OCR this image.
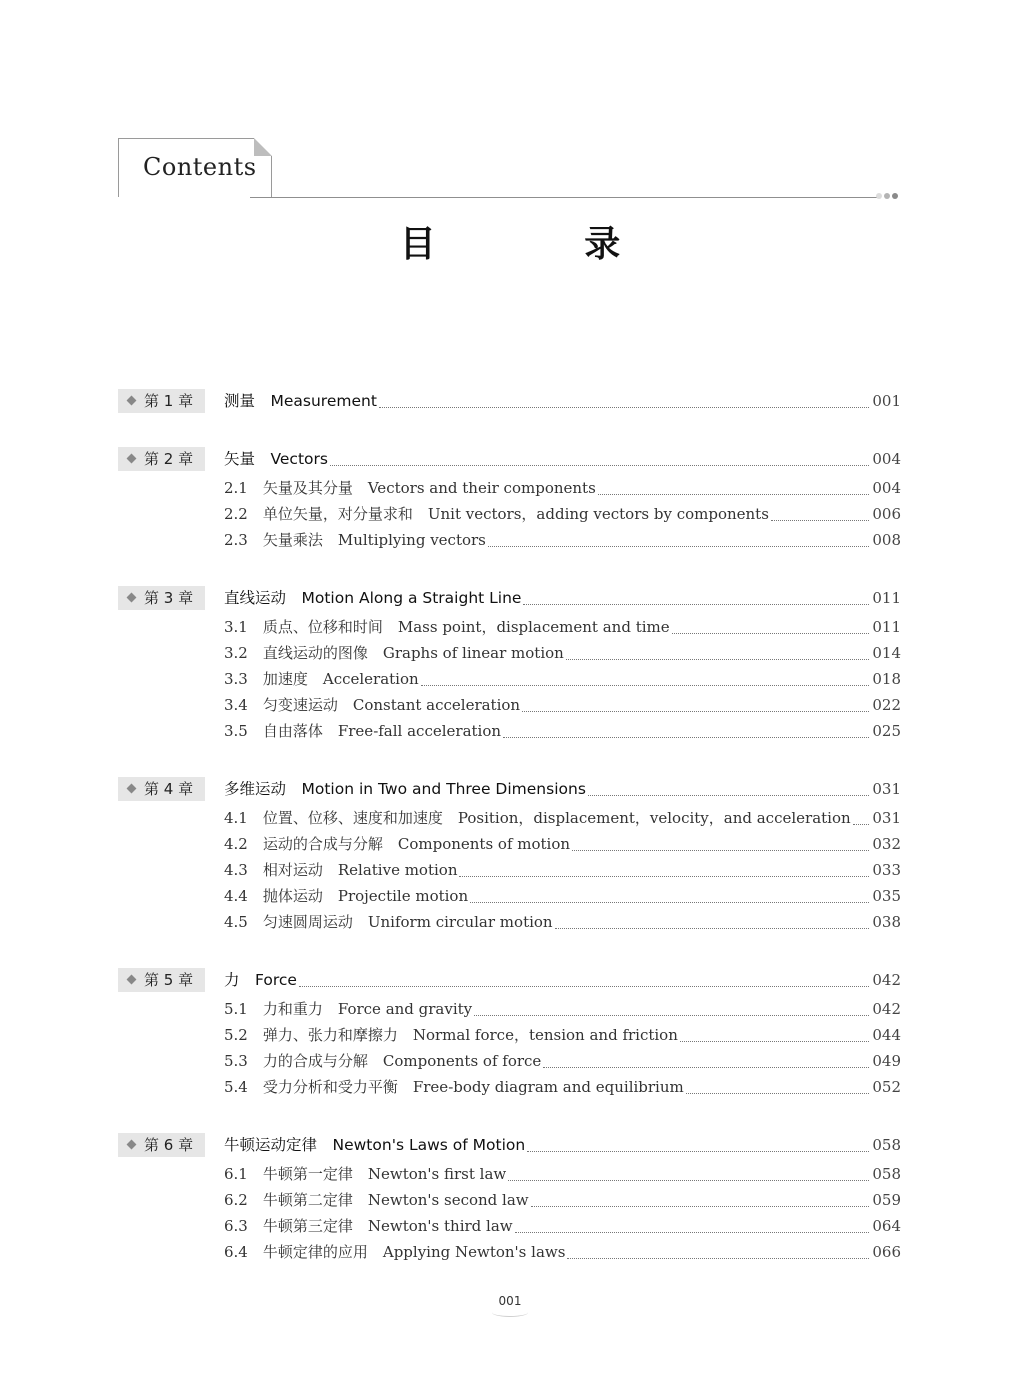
Contents
目 录
第 1 章 测量　Measurement	001
第 2 章 矢量　Vectors	004
2.1　矢量及其分量　Vectors and their components	004
2.2　单位矢量，对分量求和　Unit vectors，adding vectors by components	006
2.3　矢量乘法　Multiplying vectors	008
第 3 章 直线运动　Motion Along a Straight Line	011
3.1　质点、位移和时间　Mass point，displacement and time	011
3.2　直线运动的图像　Graphs of linear motion	014
3.3　加速度　Acceleration	018
3.4　匀变速运动　Constant acceleration	022
3.5　自由落体　Free-fall acceleration	025
第 4 章 多维运动　Motion in Two and Three Dimensions	031
4.1　位置、位移、速度和加速度　Position，displacement，velocity，and acceleration 031
4.2　运动的合成与分解　Components of motion	032
4.3　相对运动　Relative motion	033
4.4　抛体运动　Projectile motion	035
4.5　匀速圆周运动　Uniform circular motion	038
第 5 章 力　Force	042
5.1　力和重力　Force and gravity	042
5.2　弹力、张力和摩擦力　Normal force，tension and friction	044
5.3　力的合成与分解　Components of force	049
5.4　受力分析和受力平衡　Free-body diagram and equilibrium	052
第 6 章 牛顿运动定律　Newton's Laws of Motion	058
6.1　牛顿第一定律　Newton's first law	058
6.2　牛顿第二定律　Newton's second law	059
6.3　牛顿第三定律　Newton's third law	064
6.4　牛顿定律的应用　Applying Newton's laws	066
001
